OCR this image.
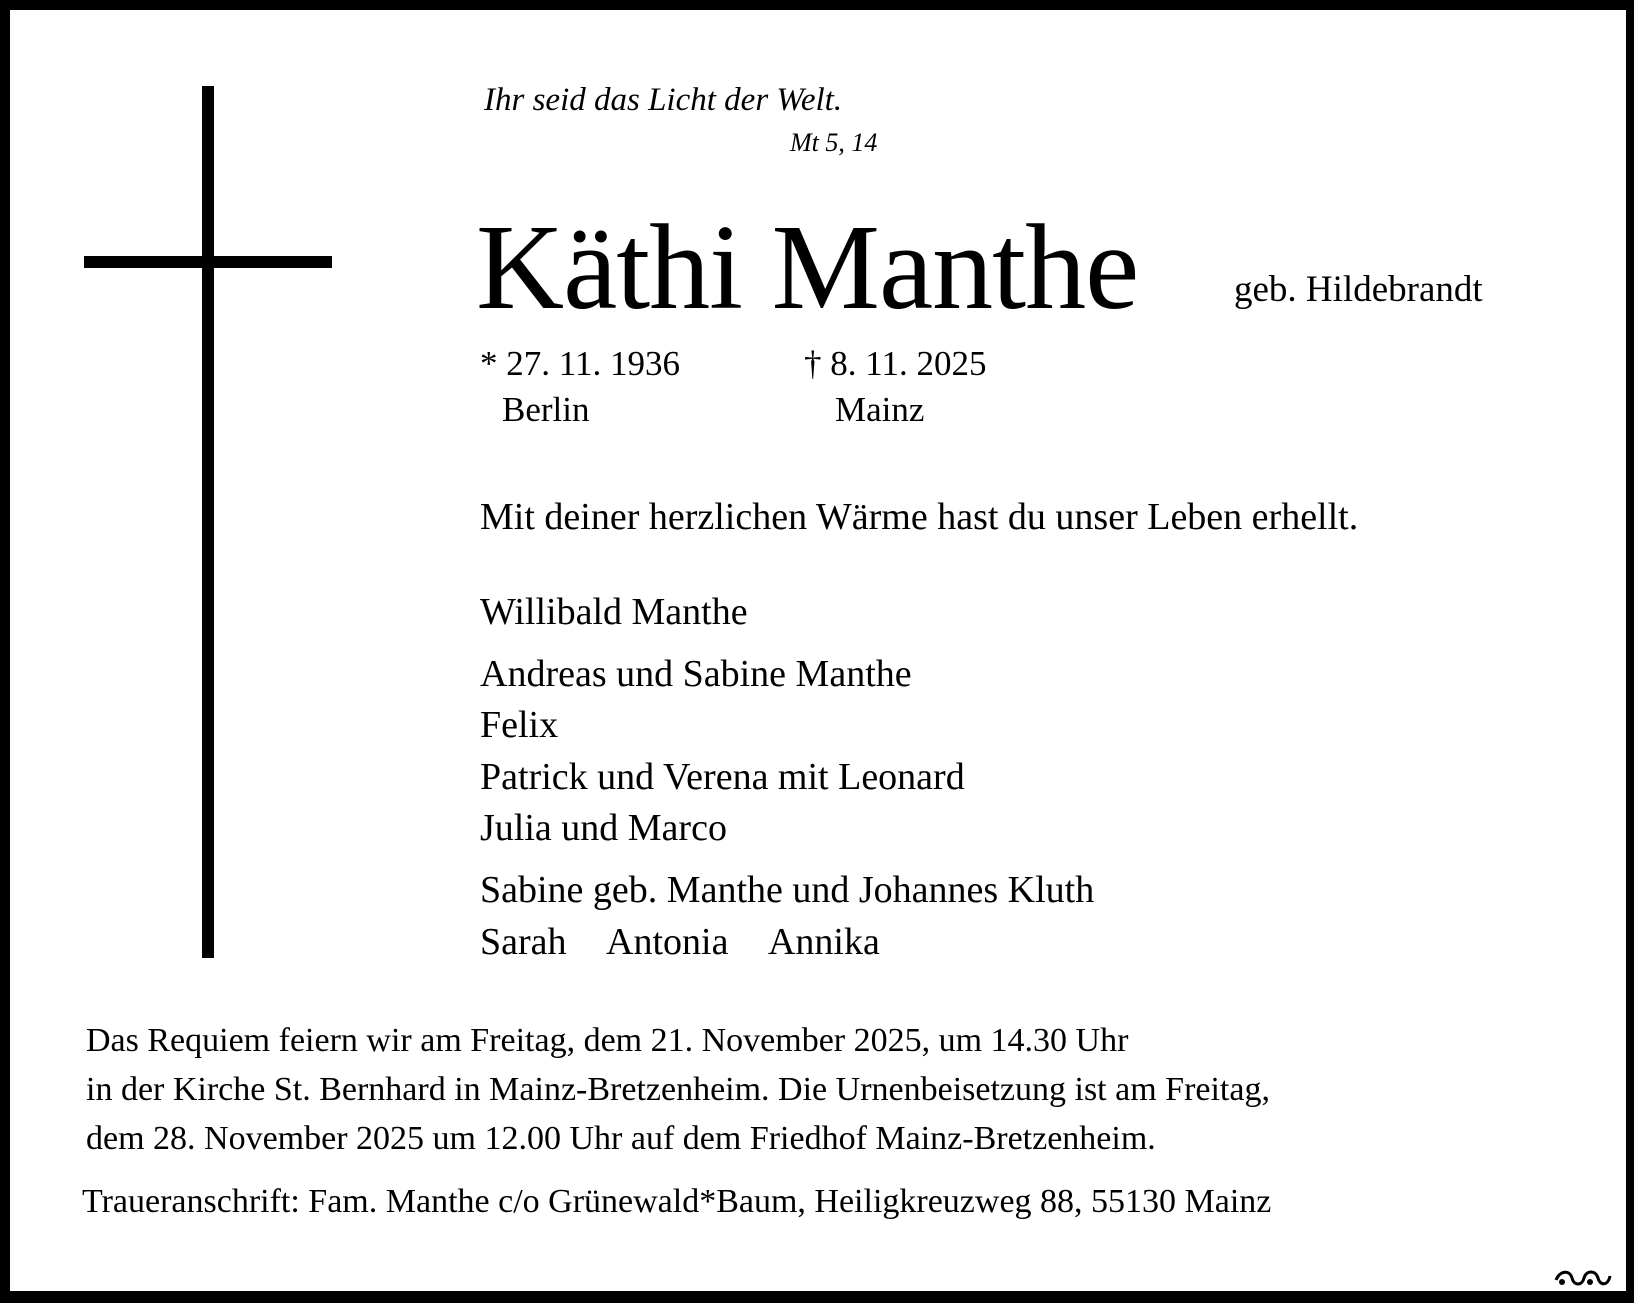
Ihr seid das Licht der Welt.
Mt 5, 14
Käthi Manthe	geb. Hildebrandt
* 27. 11. 1936
Berlin
† 8. 11. 2025
Mainz
Mit deiner herzlichen Wärme hast du unser Leben erhellt.
Willibald Manthe
Andreas und Sabine Manthe
Felix
Patrick und Verena mit Leonard
Julia und Marco
Sabine geb. Manthe und Johannes Kluth
Sarah Antonia Annika
Das Requiem feiern wir am Freitag, dem 21. November 2025, um 14.30 Uhr
in der Kirche St. Bernhard in Mainz-Bretzenheim. Die Urnenbeisetzung ist am Freitag,
dem 28. November 2025 um 12.00 Uhr auf dem Friedhof Mainz-Bretzenheim.
Traueranschrift: Fam. Manthe c/o Grünewald*Baum, Heiligkreuzweg 88, 55130 Mainz
